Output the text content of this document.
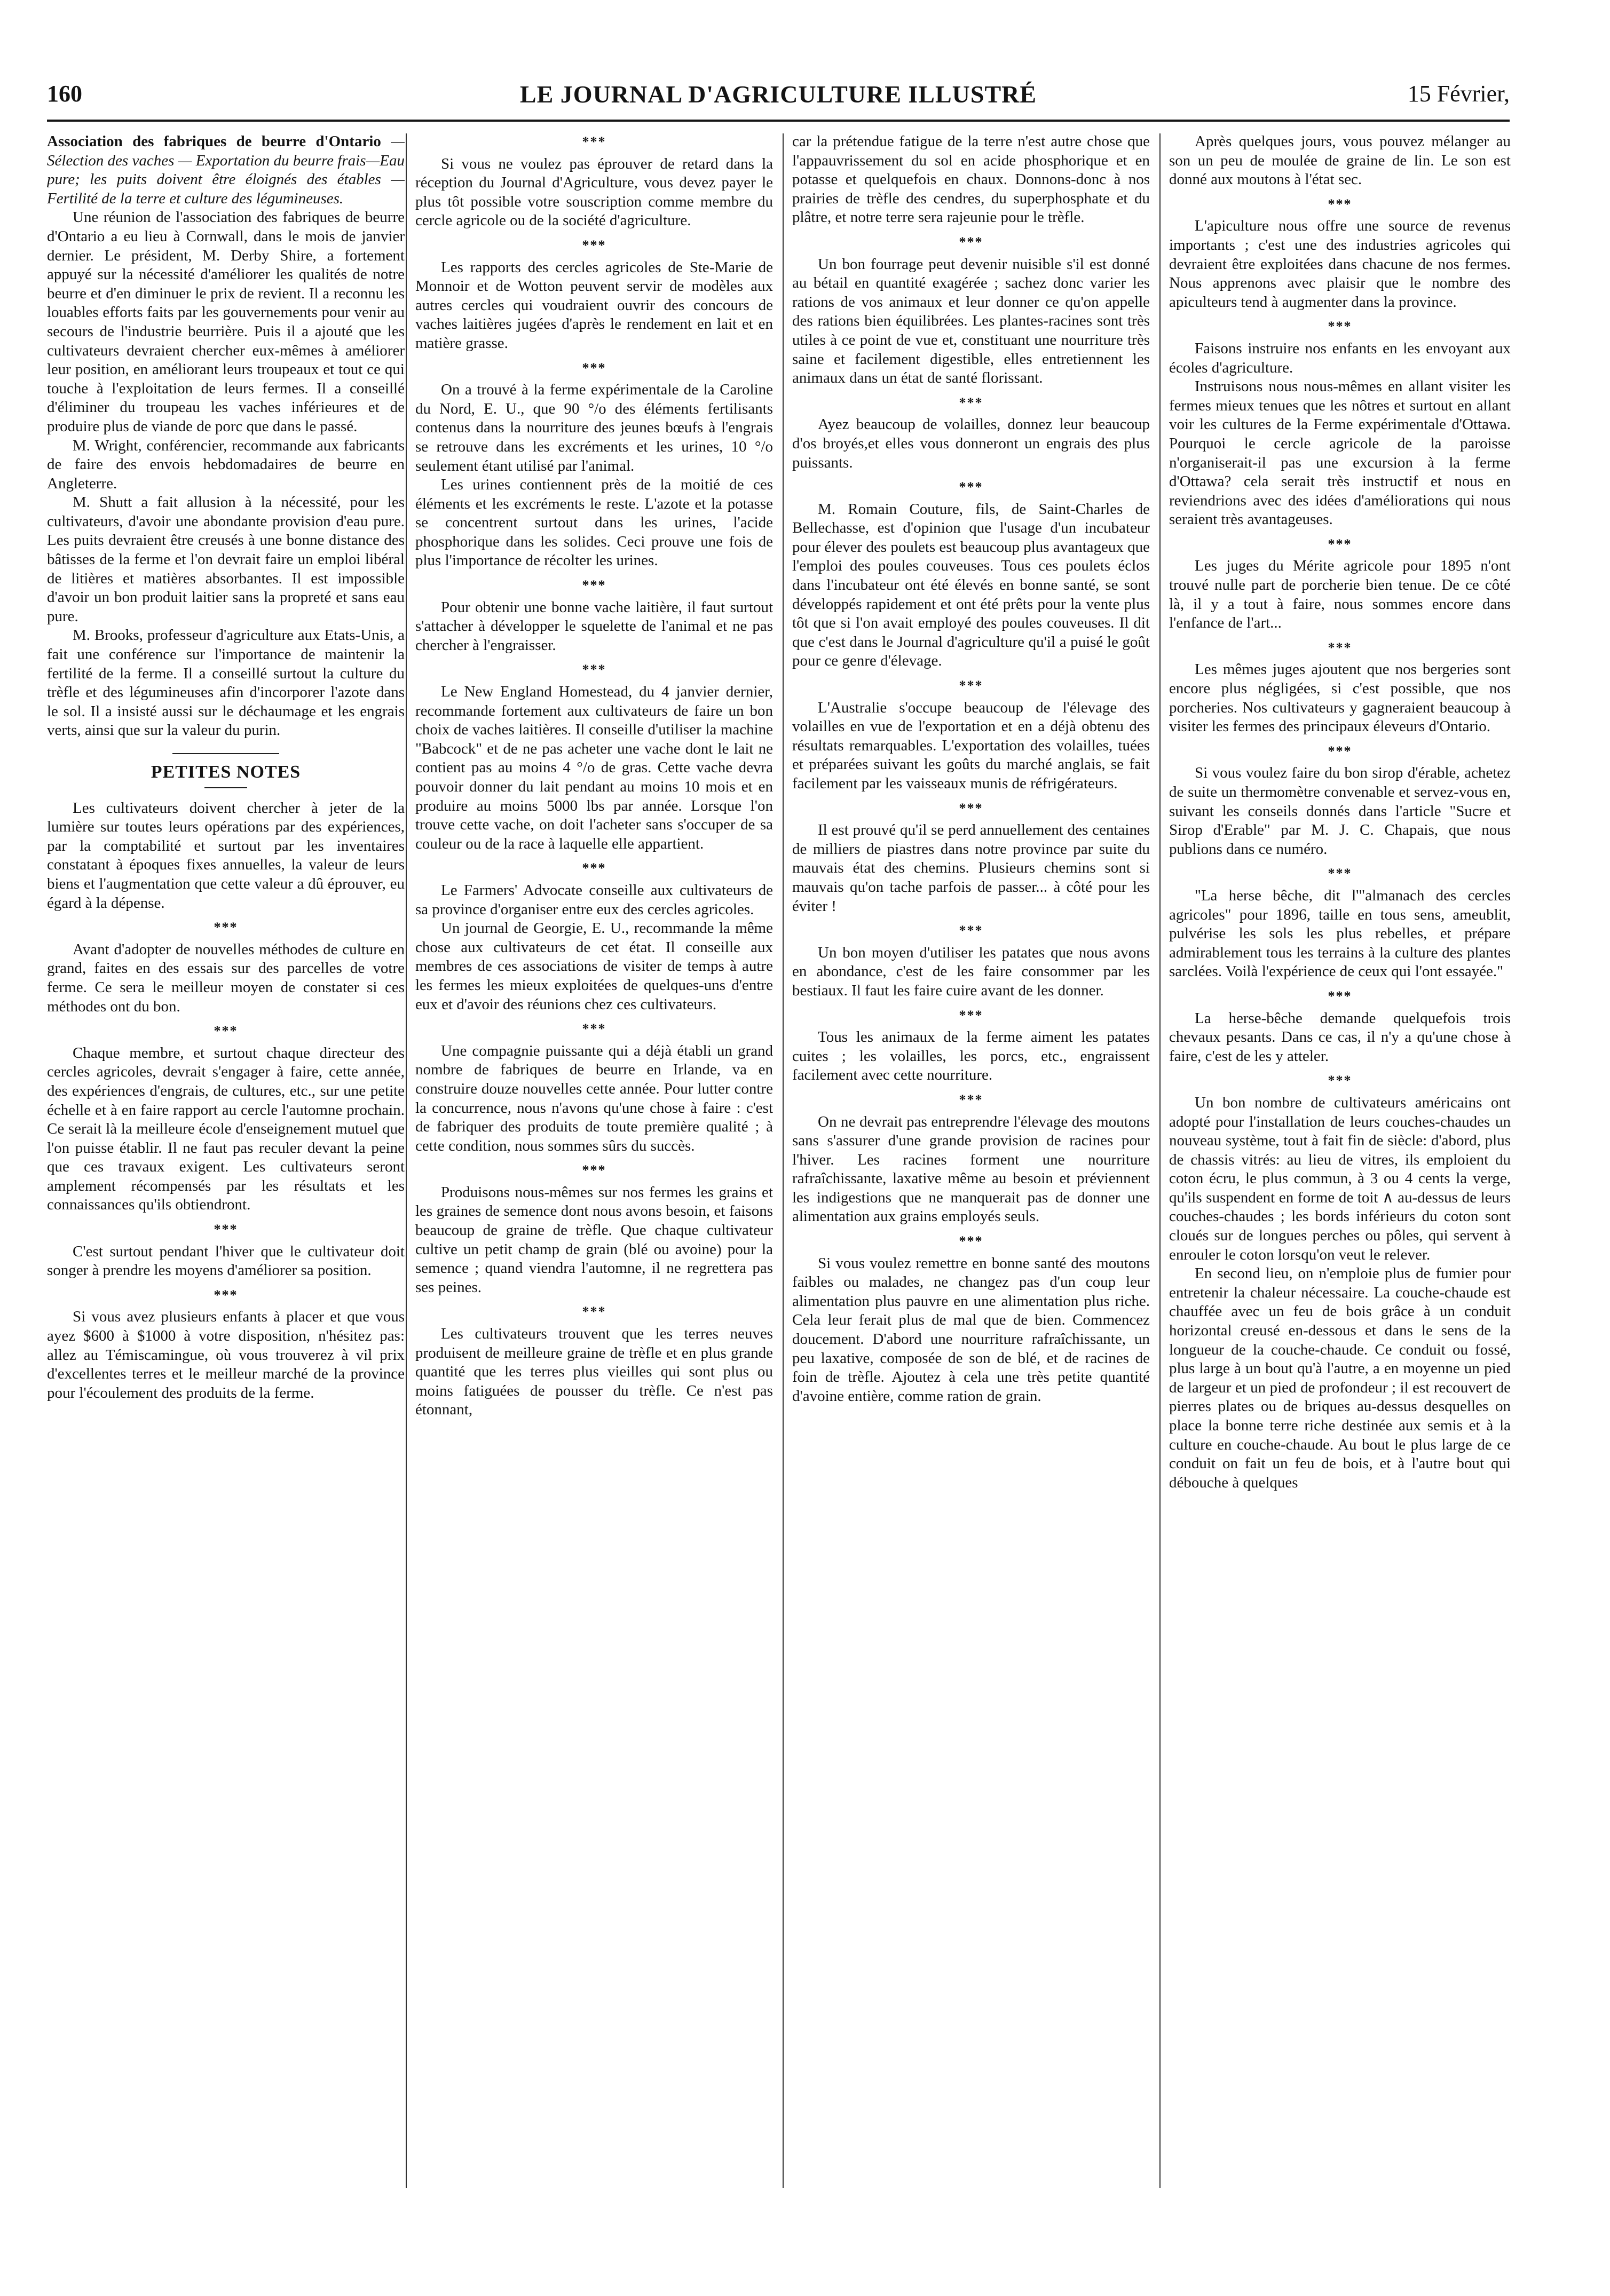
160	LE JOURNAL D'AGRICULTURE ILLUSTRÉ	15 Février,

Association des fabriques de beurre d'Ontario — Sélection des vaches — Exportation du beurre frais—Eau pure; les puits doivent être éloignés des étables — Fertilité de la terre et culture des légumineuses.

Une réunion de l'association des fabriques de beurre d'Ontario a eu lieu à Cornwall, dans le mois de janvier dernier. Le président, M. Derby Shire, a fortement appuyé sur la nécessité d'améliorer les qualités de notre beurre et d'en diminuer le prix de revient. Il a reconnu les louables efforts faits par les gouvernements pour venir au secours de l'industrie beurrière. Puis il a ajouté que les cultivateurs devraient chercher eux-mêmes à améliorer leur position, en améliorant leurs troupeaux et tout ce qui touche à l'exploitation de leurs fermes. Il a conseillé d'éliminer du troupeau les vaches inférieures et de produire plus de viande de porc que dans le passé.

M. Wright, conférencier, recommande aux fabricants de faire des envois hebdomadaires de beurre en Angleterre.

M. Shutt a fait allusion à la nécessité, pour les cultivateurs, d'avoir une abondante provision d'eau pure. Les puits devraient être creusés à une bonne distance des bâtisses de la ferme et l'on devrait faire un emploi libéral de litières et matières absorbantes. Il est impossible d'avoir un bon produit laitier sans la propreté et sans eau pure.

M. Brooks, professeur d'agriculture aux Etats-Unis, a fait une conférence sur l'importance de maintenir la fertilité de la ferme. Il a conseillé surtout la culture du trèfle et des légumineuses afin d'incorporer l'azote dans le sol. Il a insisté aussi sur le déchaumage et les engrais verts, ainsi que sur la valeur du purin.

PETITES NOTES

Les cultivateurs doivent chercher à jeter de la lumière sur toutes leurs opérations par des expériences, par la comptabilité et surtout par les inventaires constatant à époques fixes annuelles, la valeur de leurs biens et l'augmentation que cette valeur a dû éprouver, eu égard à la dépense.

***

Avant d'adopter de nouvelles méthodes de culture en grand, faites en des essais sur des parcelles de votre ferme. Ce sera le meilleur moyen de constater si ces méthodes ont du bon.

***

Chaque membre, et surtout chaque directeur des cercles agricoles, devrait s'engager à faire, cette année, des expériences d'engrais, de cultures, etc., sur une petite échelle et à en faire rapport au cercle l'automne prochain. Ce serait là la meilleure école d'enseignement mutuel que l'on puisse établir. Il ne faut pas reculer devant la peine que ces travaux exigent. Les cultivateurs seront amplement récompensés par les résultats et les connaissances qu'ils obtiendront.

***

C'est surtout pendant l'hiver que le cultivateur doit songer à prendre les moyens d'améliorer sa position.

***

Si vous avez plusieurs enfants à placer et que vous ayez $600 à $1000 à votre disposition, n'hésitez pas: allez au Témiscamingue, où vous trouverez à vil prix d'excellentes terres et le meilleur marché de la province pour l'écoulement des produits de la ferme.

***

Si vous ne voulez pas éprouver de retard dans la réception du Journal d'Agriculture, vous devez payer le plus tôt possible votre souscription comme membre du cercle agricole ou de la société d'agriculture.

***

Les rapports des cercles agricoles de Ste-Marie de Monnoir et de Wotton peuvent servir de modèles aux autres cercles qui voudraient ouvrir des concours de vaches laitières jugées d'après le rendement en lait et en matière grasse.

***

On a trouvé à la ferme expérimentale de la Caroline du Nord, E. U., que 90 °/o des éléments fertilisants contenus dans la nourriture des jeunes bœufs à l'engrais se retrouve dans les excréments et les urines, 10 °/o seulement étant utilisé par l'animal.

Les urines contiennent près de la moitié de ces éléments et les excréments le reste. L'azote et la potasse se concentrent surtout dans les urines, l'acide phosphorique dans les solides. Ceci prouve une fois de plus l'importance de récolter les urines.

***

Pour obtenir une bonne vache laitière, il faut surtout s'attacher à développer le squelette de l'animal et ne pas chercher à l'engraisser.

***

Le New England Homestead, du 4 janvier dernier, recommande fortement aux cultivateurs de faire un bon choix de vaches laitières. Il conseille d'utiliser la machine "Babcock" et de ne pas acheter une vache dont le lait ne contient pas au moins 4 °/o de gras. Cette vache devra pouvoir donner du lait pendant au moins 10 mois et en produire au moins 5000 lbs par année. Lorsque l'on trouve cette vache, on doit l'acheter sans s'occuper de sa couleur ou de la race à laquelle elle appartient.

***

Le Farmers' Advocate conseille aux cultivateurs de sa province d'organiser entre eux des cercles agricoles.

Un journal de Georgie, E. U., recommande la même chose aux cultivateurs de cet état. Il conseille aux membres de ces associations de visiter de temps à autre les fermes les mieux exploitées de quelques-uns d'entre eux et d'avoir des réunions chez ces cultivateurs.

***

Une compagnie puissante qui a déjà établi un grand nombre de fabriques de beurre en Irlande, va en construire douze nouvelles cette année. Pour lutter contre la concurrence, nous n'avons qu'une chose à faire : c'est de fabriquer des produits de toute première qualité ; à cette condition, nous sommes sûrs du succès.

***

Produisons nous-mêmes sur nos fermes les grains et les graines de semence dont nous avons besoin, et faisons beaucoup de graine de trèfle. Que chaque cultivateur cultive un petit champ de grain (blé ou avoine) pour la semence ; quand viendra l'automne, il ne regrettera pas ses peines.

***

Les cultivateurs trouvent que les terres neuves produisent de meilleure graine de trèfle et en plus grande quantité que les terres plus vieilles qui sont plus ou moins fatiguées de pousser du trèfle. Ce n'est pas étonnant,

car la prétendue fatigue de la terre n'est autre chose que l'appauvrissement du sol en acide phosphorique et en potasse et quelquefois en chaux. Donnons-donc à nos prairies de trèfle des cendres, du superphosphate et du plâtre, et notre terre sera rajeunie pour le trèfle.

***

Un bon fourrage peut devenir nuisible s'il est donné au bétail en quantité exagérée ; sachez donc varier les rations de vos animaux et leur donner ce qu'on appelle des rations bien équilibrées. Les plantes-racines sont très utiles à ce point de vue et, constituant une nourriture très saine et facilement digestible, elles entretiennent les animaux dans un état de santé florissant.

***

Ayez beaucoup de volailles, donnez leur beaucoup d'os broyés,et elles vous donneront un engrais des plus puissants.

***

M. Romain Couture, fils, de Saint-Charles de Bellechasse, est d'opinion que l'usage d'un incubateur pour élever des poulets est beaucoup plus avantageux que l'emploi des poules couveuses. Tous ces poulets éclos dans l'incubateur ont été élevés en bonne santé, se sont développés rapidement et ont été prêts pour la vente plus tôt que si l'on avait employé des poules couveuses. Il dit que c'est dans le Journal d'agriculture qu'il a puisé le goût pour ce genre d'élevage.

***

L'Australie s'occupe beaucoup de l'élevage des volailles en vue de l'exportation et en a déjà obtenu des résultats remarquables. L'exportation des volailles, tuées et préparées suivant les goûts du marché anglais, se fait facilement par les vaisseaux munis de réfrigérateurs.

***

Il est prouvé qu'il se perd annuellement des centaines de milliers de piastres dans notre province par suite du mauvais état des chemins. Plusieurs chemins sont si mauvais qu'on tache parfois de passer... à côté pour les éviter !

***

Un bon moyen d'utiliser les patates que nous avons en abondance, c'est de les faire consommer par les bestiaux. Il faut les faire cuire avant de les donner.

***

Tous les animaux de la ferme aiment les patates cuites ; les volailles, les porcs, etc., engraissent facilement avec cette nourriture.

***

On ne devrait pas entreprendre l'élevage des moutons sans s'assurer d'une grande provision de racines pour l'hiver. Les racines forment une nourriture rafraîchissante, laxative même au besoin et préviennent les indigestions que ne manquerait pas de donner une alimentation aux grains employés seuls.

***

Si vous voulez remettre en bonne santé des moutons faibles ou malades, ne changez pas d'un coup leur alimentation plus pauvre en une alimentation plus riche. Cela leur ferait plus de mal que de bien. Commencez doucement. D'abord une nourriture rafraîchissante, un peu laxative, composée de son de blé, et de racines de foin de trèfle. Ajoutez à cela une très petite quantité d'avoine entière, comme ration de grain.

Après quelques jours, vous pouvez mélanger au son un peu de moulée de graine de lin. Le son est donné aux moutons à l'état sec.

***

L'apiculture nous offre une source de revenus importants ; c'est une des industries agricoles qui devraient être exploitées dans chacune de nos fermes. Nous apprenons avec plaisir que le nombre des apiculteurs tend à augmenter dans la province.

***

Faisons instruire nos enfants en les envoyant aux écoles d'agriculture.

Instruisons nous nous-mêmes en allant visiter les fermes mieux tenues que les nôtres et surtout en allant voir les cultures de la Ferme expérimentale d'Ottawa. Pourquoi le cercle agricole de la paroisse n'organiserait-il pas une excursion à la ferme d'Ottawa? cela serait très instructif et nous en reviendrions avec des idées d'améliorations qui nous seraient très avantageuses.

***

Les juges du Mérite agricole pour 1895 n'ont trouvé nulle part de porcherie bien tenue. De ce côté là, il y a tout à faire, nous sommes encore dans l'enfance de l'art...

***

Les mêmes juges ajoutent que nos bergeries sont encore plus négligées, si c'est possible, que nos porcheries. Nos cultivateurs y gagneraient beaucoup à visiter les fermes des principaux éleveurs d'Ontario.

***

Si vous voulez faire du bon sirop d'érable, achetez de suite un thermomètre convenable et servez-vous en, suivant les conseils donnés dans l'article "Sucre et Sirop d'Erable" par M. J. C. Chapais, que nous publions dans ce numéro.

***

"La herse bêche, dit l'"almanach des cercles agricoles" pour 1896, taille en tous sens, ameublit, pulvérise les sols les plus rebelles, et prépare admirablement tous les terrains à la culture des plantes sarclées. Voilà l'expérience de ceux qui l'ont essayée."

***

La herse-bêche demande quelquefois trois chevaux pesants. Dans ce cas, il n'y a qu'une chose à faire, c'est de les y atteler.

***

Un bon nombre de cultivateurs américains ont adopté pour l'installation de leurs couches-chaudes un nouveau système, tout à fait fin de siècle: d'abord, plus de chassis vitrés: au lieu de vitres, ils emploient du coton écru, le plus commun, à 3 ou 4 cents la verge, qu'ils suspendent en forme de toit ∧ au-dessus de leurs couches-chaudes ; les bords inférieurs du coton sont cloués sur de longues perches ou pôles, qui servent à enrouler le coton lorsqu'on veut le relever.

En second lieu, on n'emploie plus de fumier pour entretenir la chaleur nécessaire. La couche-chaude est chauffée avec un feu de bois grâce à un conduit horizontal creusé en-dessous et dans le sens de la longueur de la couche-chaude. Ce conduit ou fossé, plus large à un bout qu'à l'autre, a en moyenne un pied de largeur et un pied de profondeur ; il est recouvert de pierres plates ou de briques au-dessus desquelles on place la bonne terre riche destinée aux semis et à la culture en couche-chaude. Au bout le plus large de ce conduit on fait un feu de bois, et à l'autre bout qui débouche à quelques
